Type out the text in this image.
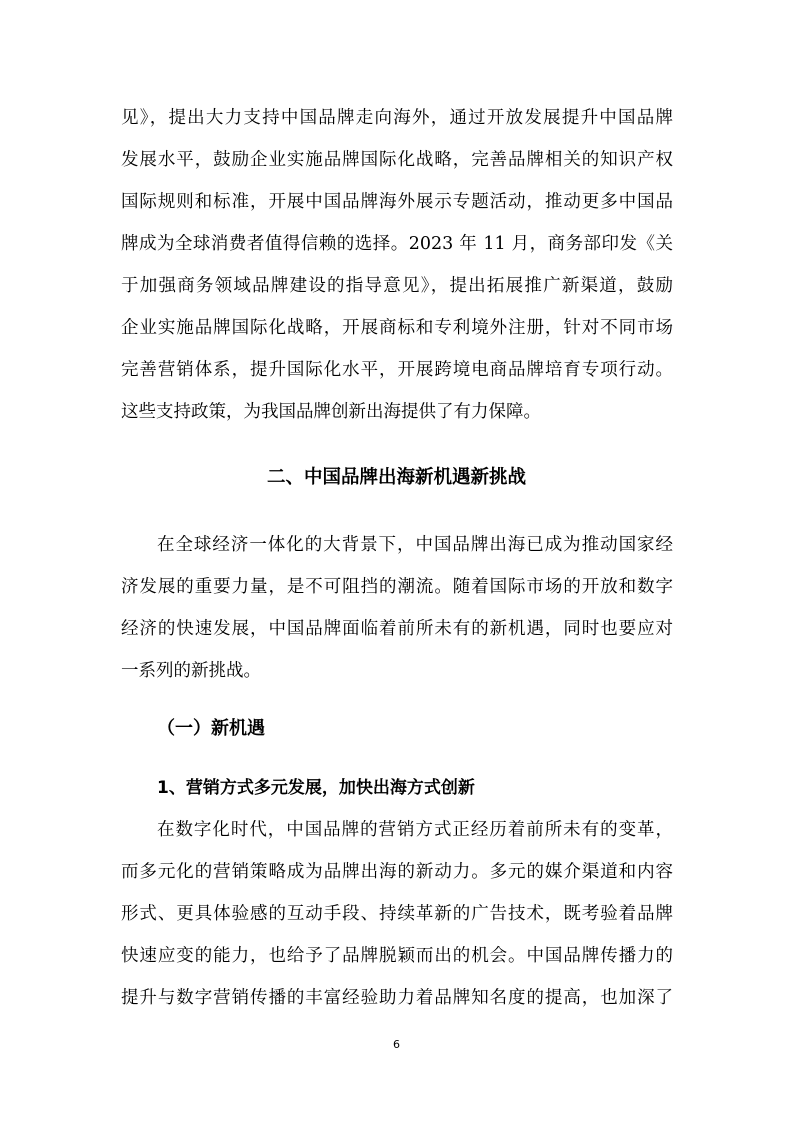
见》，提出大力支持中国品牌走向海外，通过开放发展提升中国品牌
发展水平，鼓励企业实施品牌国际化战略，完善品牌相关的知识产权
国际规则和标准，开展中国品牌海外展示专题活动，推动更多中国品
牌成为全球消费者值得信赖的选择。2023 年 11 月，商务部印发《关
于加强商务领域品牌建设的指导意见》，提出拓展推广新渠道，鼓励
企业实施品牌国际化战略，开展商标和专利境外注册，针对不同市场
完善营销体系，提升国际化水平，开展跨境电商品牌培育专项行动。
这些支持政策，为我国品牌创新出海提供了有力保障。
二、中国品牌出海新机遇新挑战
在全球经济一体化的大背景下，中国品牌出海已成为推动国家经
济发展的重要力量，是不可阻挡的潮流。随着国际市场的开放和数字
经济的快速发展，中国品牌面临着前所未有的新机遇，同时也要应对
一系列的新挑战。
（一）新机遇
1、营销方式多元发展，加快出海方式创新
在数字化时代，中国品牌的营销方式正经历着前所未有的变革，
而多元化的营销策略成为品牌出海的新动力。多元的媒介渠道和内容
形式、更具体验感的互动手段、持续革新的广告技术，既考验着品牌
快速应变的能力，也给予了品牌脱颖而出的机会。中国品牌传播力的
提升与数字营销传播的丰富经验助力着品牌知名度的提高，也加深了
6
